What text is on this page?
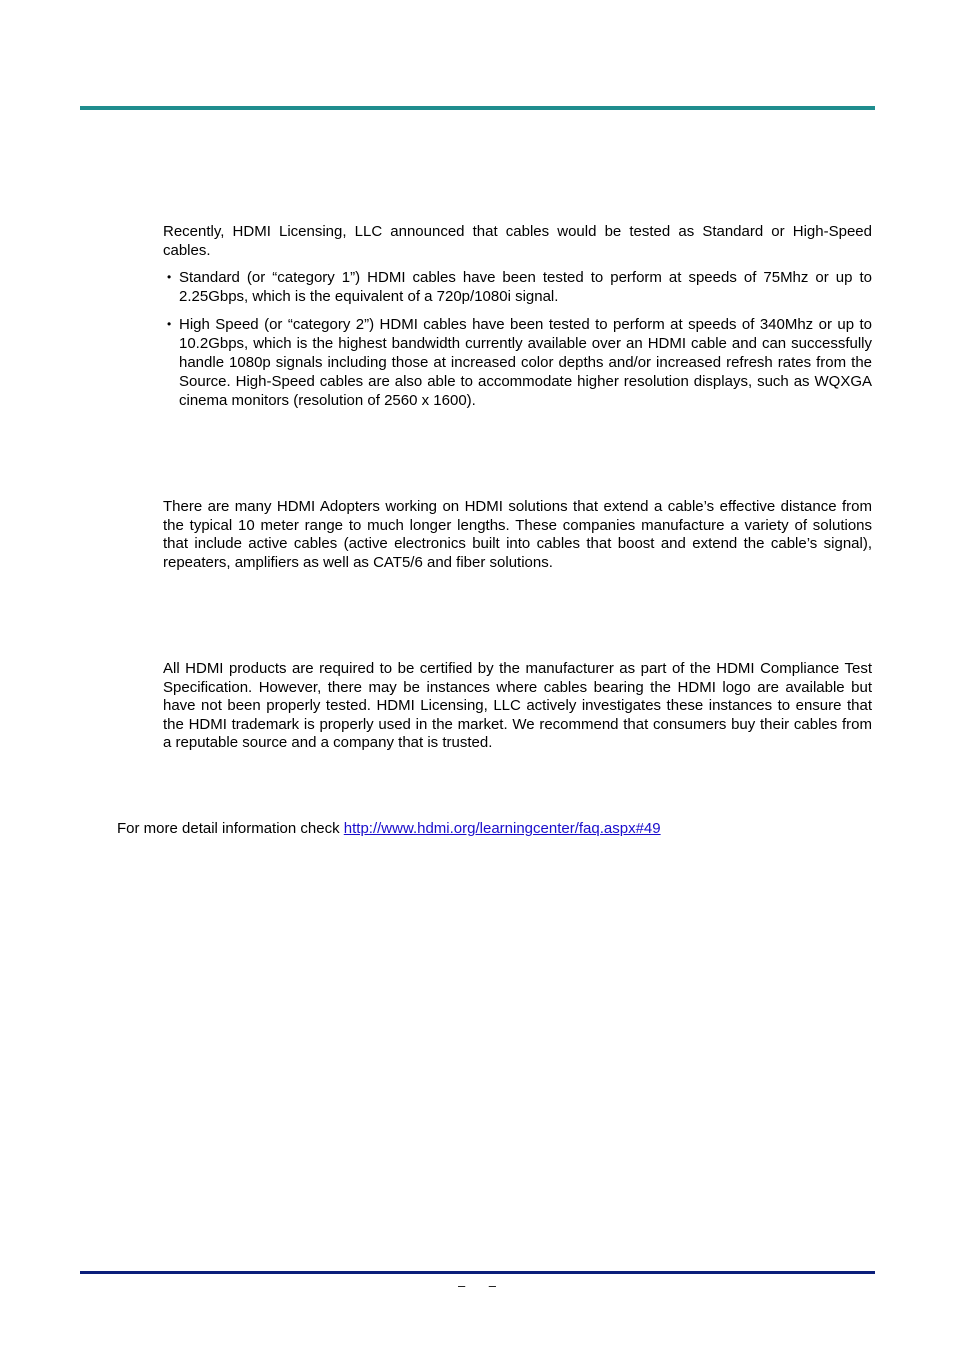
Recently, HDMI Licensing, LLC announced that cables would be tested as Standard or High-Speed cables.

• Standard (or “category 1”) HDMI cables have been tested to perform at speeds of 75Mhz or up to 2.25Gbps, which is the equivalent of a 720p/1080i signal.
• High Speed (or “category 2”) HDMI cables have been tested to perform at speeds of 340Mhz or up to 10.2Gbps, which is the highest bandwidth currently available over an HDMI cable and can successfully handle 1080p signals including those at increased color depths and/or increased refresh rates from the Source. High-Speed cables are also able to accommodate higher resolution displays, such as WQXGA cinema monitors (resolution of 2560 x 1600).

There are many HDMI Adopters working on HDMI solutions that extend a cable’s effective distance from the typical 10 meter range to much longer lengths. These companies manufacture a variety of solutions that include active cables (active electronics built into cables that boost and extend the cable’s signal), repeaters, amplifiers as well as CAT5/6 and fiber solutions.

All HDMI products are required to be certified by the manufacturer as part of the HDMI Compliance Test Specification. However, there may be instances where cables bearing the HDMI logo are available but have not been properly tested. HDMI Licensing, LLC actively investigates these instances to ensure that the HDMI trademark is properly used in the market. We recommend that consumers buy their cables from a reputable source and a company that is trusted.

For more detail information check http://www.hdmi.org/learningcenter/faq.aspx#49

– –
